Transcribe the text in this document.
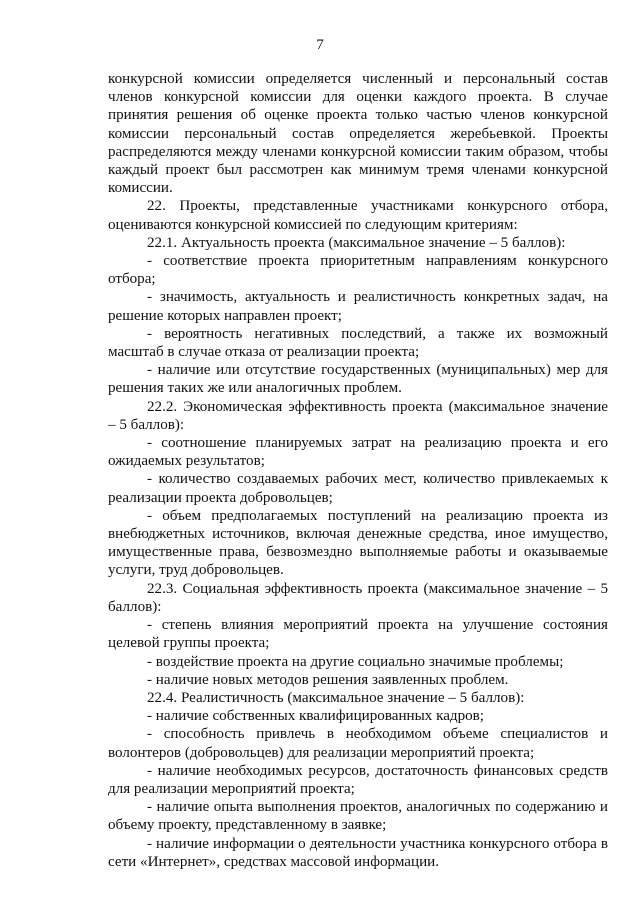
7

конкурсной комиссии определяется численный и персональный состав членов конкурсной комиссии для оценки каждого проекта. В случае принятия решения об оценке проекта только частью членов конкурсной комиссии персональный состав определяется жеребьевкой. Проекты распределяются между членами конкурсной комиссии таким образом, чтобы каждый проект был рассмотрен как минимум тремя членами конкурсной комиссии.

22. Проекты, представленные участниками конкурсного отбора, оцениваются конкурсной комиссией по следующим критериям:

22.1. Актуальность проекта (максимальное значение – 5 баллов):

- соответствие проекта приоритетным направлениям конкурсного отбора;

- значимость, актуальность и реалистичность конкретных задач, на решение которых направлен проект;

- вероятность негативных последствий, а также их возможный масштаб в случае отказа от реализации проекта;

- наличие или отсутствие государственных (муниципальных) мер для решения таких же или аналогичных проблем.

22.2. Экономическая эффективность проекта (максимальное значение – 5 баллов):

- соотношение планируемых затрат на реализацию проекта и его ожидаемых результатов;

- количество создаваемых рабочих мест, количество привлекаемых к реализации проекта добровольцев;

- объем предполагаемых поступлений на реализацию проекта из внебюджетных источников, включая денежные средства, иное имущество, имущественные права, безвозмездно выполняемые работы и оказываемые услуги, труд добровольцев.

22.3. Социальная эффективность проекта (максимальное значение – 5 баллов):

- степень влияния мероприятий проекта на улучшение состояния целевой группы проекта;

- воздействие проекта на другие социально значимые проблемы;

- наличие новых методов решения заявленных проблем.

22.4. Реалистичность (максимальное значение – 5 баллов):

- наличие собственных квалифицированных кадров;

- способность привлечь в необходимом объеме специалистов и волонтеров (добровольцев) для реализации мероприятий проекта;

- наличие необходимых ресурсов, достаточность финансовых средств для реализации мероприятий проекта;

- наличие опыта выполнения проектов, аналогичных по содержанию и объему проекту, представленному в заявке;

- наличие информации о деятельности участника конкурсного отбора в сети «Интернет», средствах массовой информации.
